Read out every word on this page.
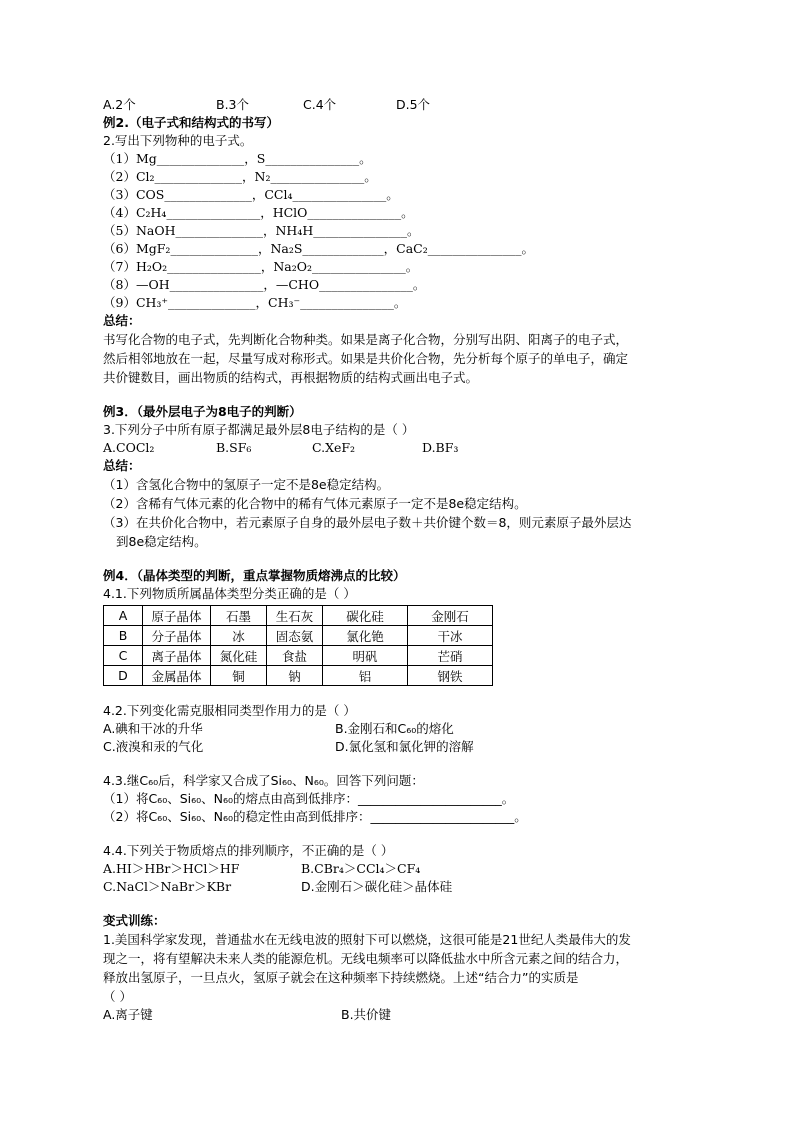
A.2个	B.3个	C.4个	D.5个
例2.（电子式和结构式的书写）
2.写出下列物种的电子式。
（1）Mg______________，S_______________。
（2）Cl₂______________，N₂_______________。
（3）COS______________，CCl₄_______________。
（4）C₂H₄_______________，HClO_______________。
（5）NaOH______________，NH₄H_______________。
（6）MgF₂______________，Na₂S_____________，CaC₂_______________。
（7）H₂O₂_______________，Na₂O₂_______________。
（8）—OH_______________，—CHO_______________。
（9）CH₃⁺______________，CH₃⁻_______________。
总结：
书写化合物的电子式，先判断化合物种类。如果是离子化合物，分别写出阴、阳离子的电子式，
然后相邻地放在一起，尽量写成对称形式。如果是共价化合物，先分析每个原子的单电子，确定
共价键数目，画出物质的结构式，再根据物质的结构式画出电子式。
例3．（最外层电子为8电子的判断）
3.下列分子中所有原子都满足最外层8电子结构的是（ ）
A.COCl₂	B.SF₆	C.XeF₂	D.BF₃
总结：
（1）含氢化合物中的氢原子一定不是8e稳定结构。
（2）含稀有气体元素的化合物中的稀有气体元素原子一定不是8e稳定结构。
（3）在共价化合物中，若元素原子自身的最外层电子数＋共价键个数＝8，则元素原子最外层达
到8e稳定结构。
例4．（晶体类型的判断，重点掌握物质熔沸点的比较）
4.1.下列物质所属晶体类型分类正确的是（ ）
A	原子晶体	石墨	生石灰	碳化硅	金刚石
B	分子晶体	冰	固态氨	氯化铯	干冰
C	离子晶体	氮化硅	食盐	明矾	芒硝
D	金属晶体	铜	钠	铝	钢铁
4.2.下列变化需克服相同类型作用力的是（ ）
A.碘和干冰的升华	B.金刚石和C₆₀的熔化
C.液溴和汞的气化	D.氯化氢和氯化钾的溶解
4.3.继C₆₀后，科学家又合成了Si₆₀、N₆₀。回答下列问题：
（1）将C₆₀、Si₆₀、N₆₀的熔点由高到低排序：_______________________。
（2）将C₆₀、Si₆₀、N₆₀的稳定性由高到低排序：_______________________。
4.4.下列关于物质熔点的排列顺序，不正确的是（ ）
A.HI＞HBr＞HCl＞HF	B.CBr₄＞CCl₄＞CF₄
C.NaCl＞NaBr＞KBr	D.金刚石＞碳化硅＞晶体硅
变式训练：
1.美国科学家发现，普通盐水在无线电波的照射下可以燃烧，这很可能是21世纪人类最伟大的发
现之一，将有望解决未来人类的能源危机。无线电频率可以降低盐水中所含元素之间的结合力，
释放出氢原子，一旦点火，氢原子就会在这种频率下持续燃烧。上述“结合力”的实质是
（ ）
A.离子键	B.共价键
